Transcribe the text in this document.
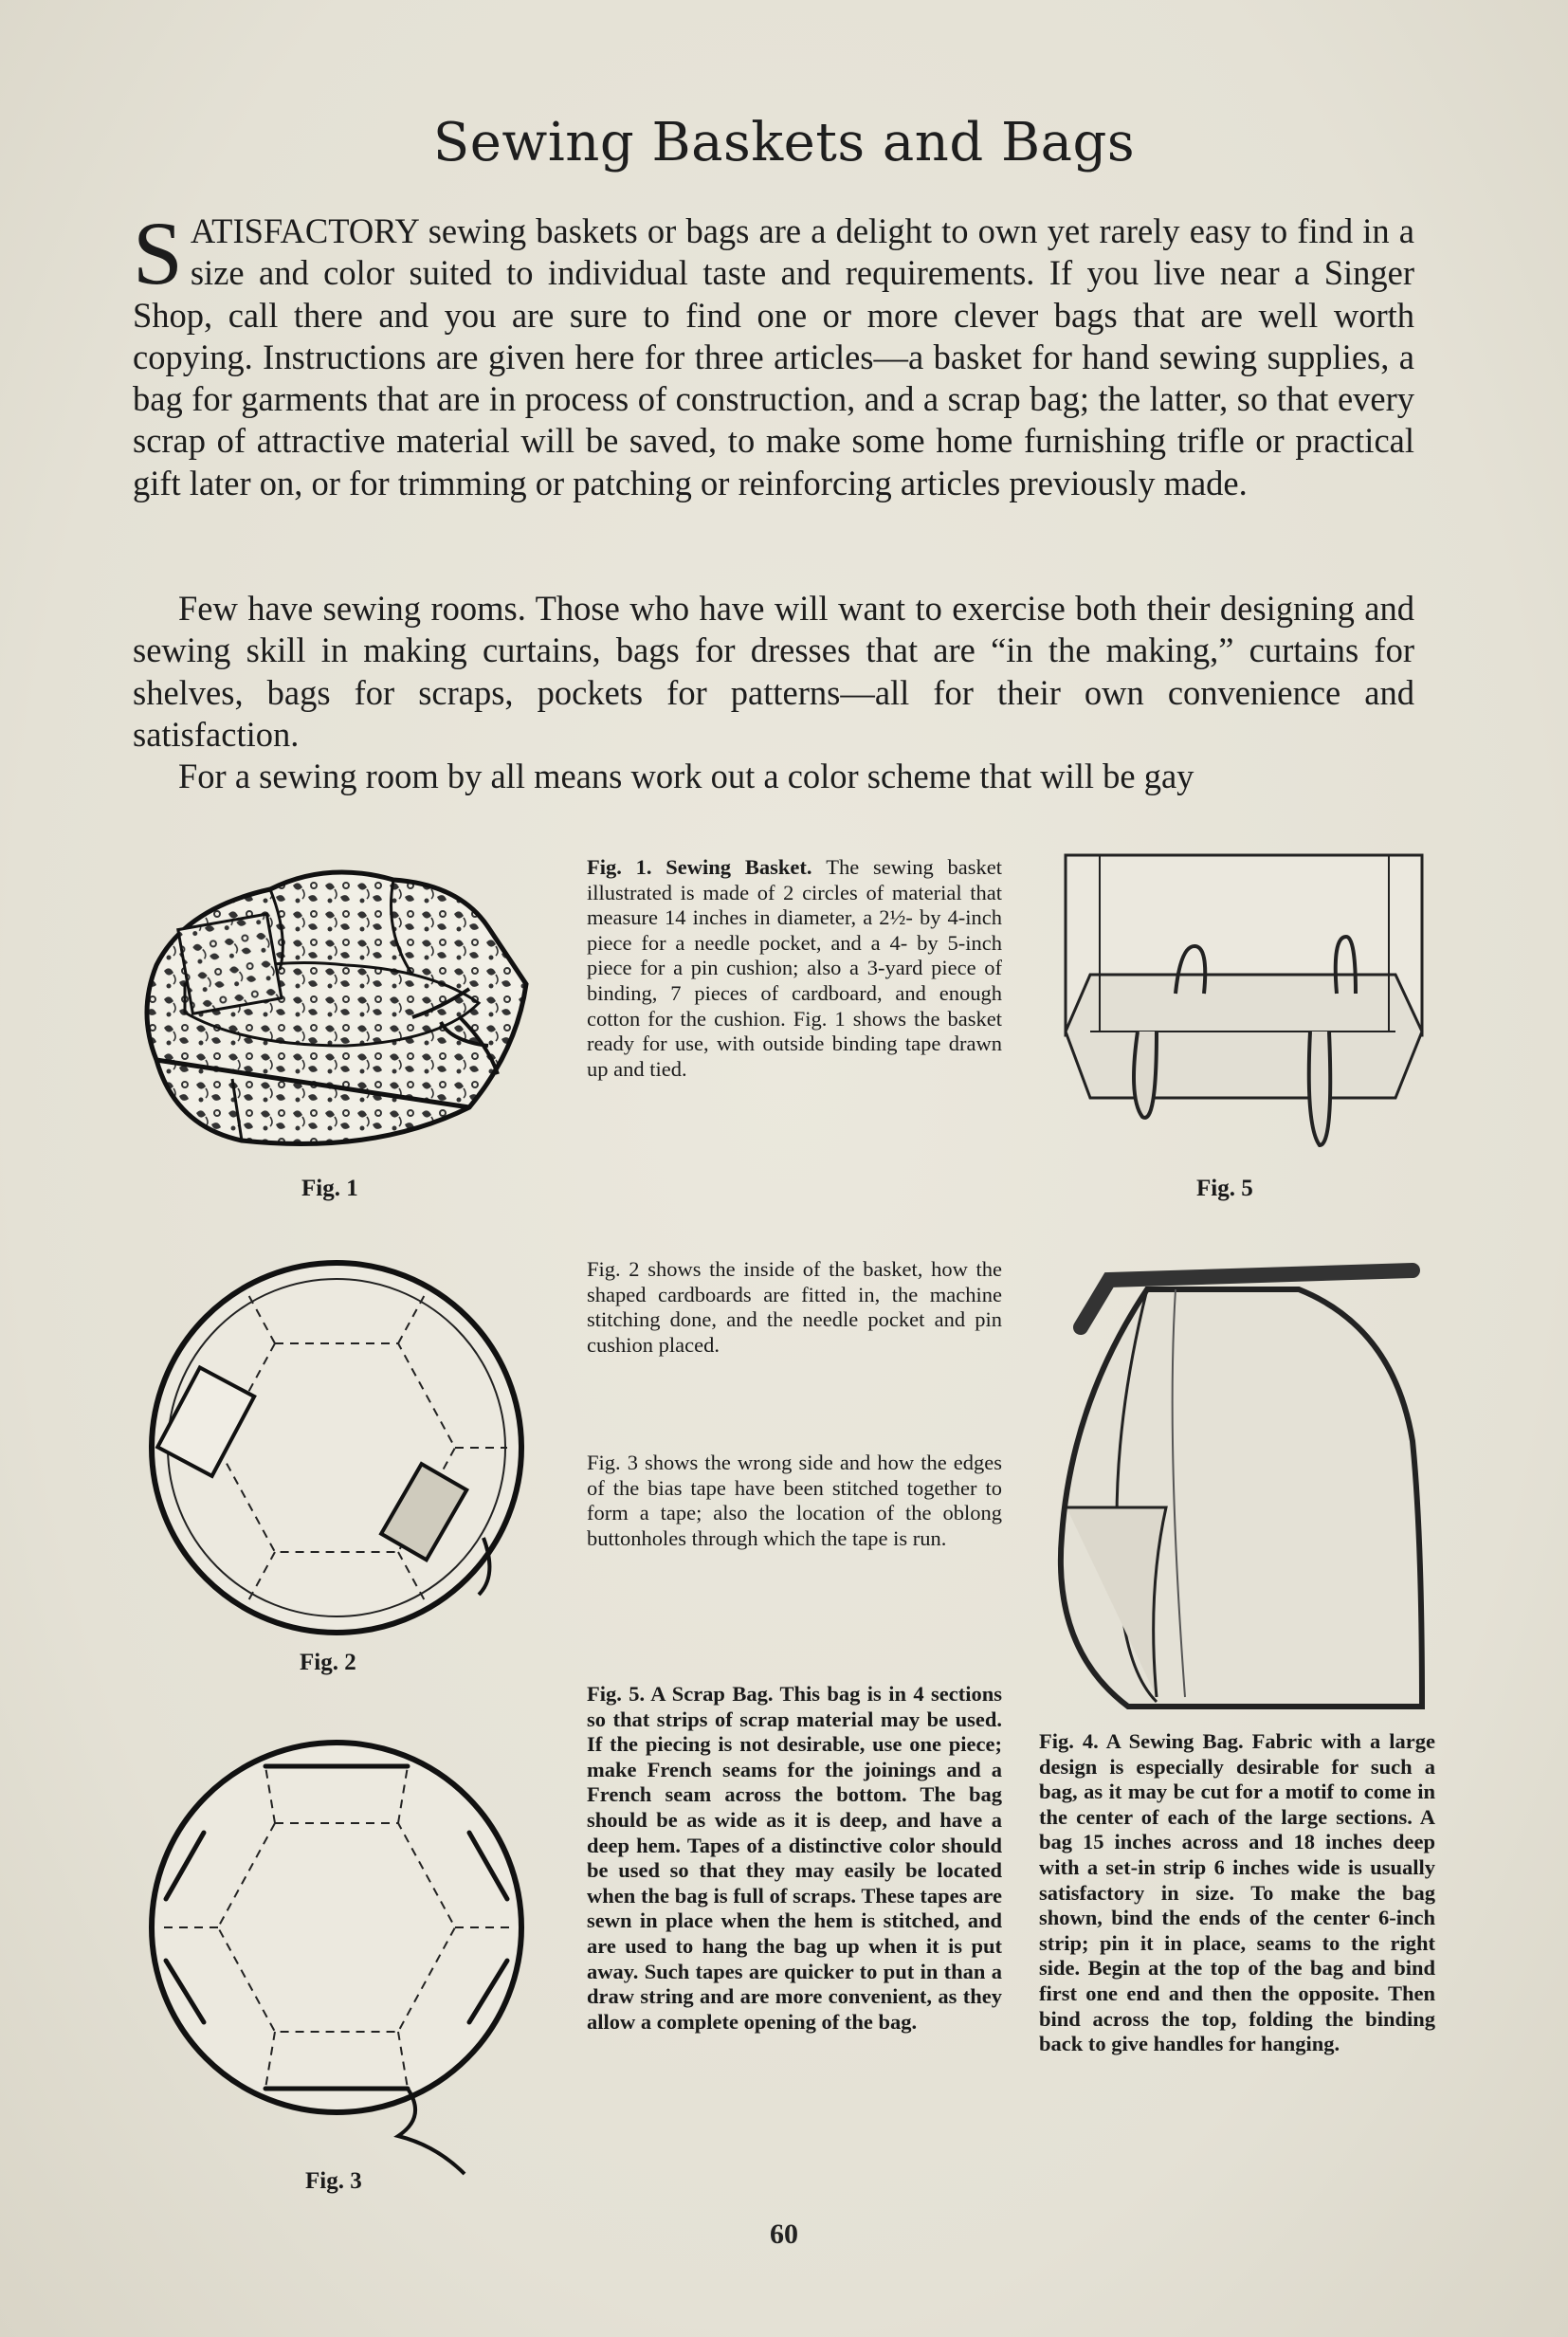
Sewing Baskets and Bags
SATISFACTORY sewing baskets or bags are a delight to own yet rarely easy to find in a size and color suited to individual taste and requirements. If you live near a Singer Shop, call there and you are sure to find one or more clever bags that are well worth copying. Instructions are given here for three articles—a basket for hand sewing supplies, a bag for garments that are in process of construction, and a scrap bag; the latter, so that every scrap of attractive material will be saved, to make some home furnishing trifle or practical gift later on, or for trimming or patching or reinforcing articles previously made.
Few have sewing rooms. Those who have will want to exercise both their designing and sewing skill in making curtains, bags for dresses that are “in the making,” curtains for shelves, bags for scraps, pockets for patterns—all for their own convenience and satisfaction.
For a sewing room by all means work out a color scheme that will be gay
Fig. 1
Fig. 1. Sewing Basket. The sewing basket illustrated is made of 2 circles of material that measure 14 inches in diameter, a 2½- by 4-inch piece for a needle pocket, and a 4- by 5-inch piece for a pin cushion; also a 3-yard piece of binding, 7 pieces of cardboard, and enough cotton for the cushion. Fig. 1 shows the basket ready for use, with outside binding tape drawn up and tied.
Fig. 5
Fig. 2
Fig. 2 shows the inside of the basket, how the shaped cardboards are fitted in, the machine stitching done, and the needle pocket and pin cushion placed.
Fig. 3 shows the wrong side and how the edges of the bias tape have been stitched together to form a tape; also the location of the oblong buttonholes through which the tape is run.
Fig. 4. A Sewing Bag. Fabric with a large design is especially desirable for such a bag, as it may be cut for a motif to come in the center of each of the large sections. A bag 15 inches across and 18 inches deep with a set-in strip 6 inches wide is usually satisfactory in size. To make the bag shown, bind the ends of the center 6-inch strip; pin it in place, seams to the right side. Begin at the top of the bag and bind first one end and then the opposite. Then bind across the top, folding the binding back to give handles for hanging.
Fig. 3
Fig. 5. A Scrap Bag. This bag is in 4 sections so that strips of scrap material may be used. If the piecing is not desirable, use one piece; make French seams for the joinings and a French seam across the bottom. The bag should be as wide as it is deep, and have a deep hem. Tapes of a distinctive color should be used so that they may easily be located when the bag is full of scraps. These tapes are sewn in place when the hem is stitched, and are used to hang the bag up when it is put away. Such tapes are quicker to put in than a draw string and are more convenient, as they allow a complete opening of the bag.
60
